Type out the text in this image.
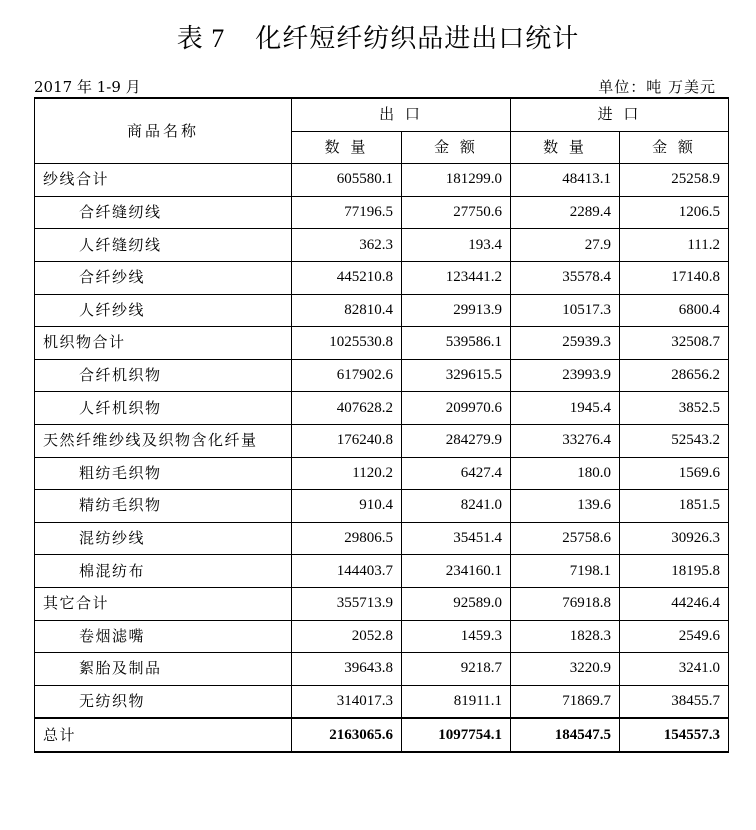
表 7 化纤短纤纺织品进出口统计
2017 年 1-9 月	单位：吨 万美元
商品名称	出 口		进 口	
	数 量	金 额	数 量	金 额
纱线合计	605580.1	181299.0	48413.1	25258.9
合纤缝纫线	77196.5	27750.6	2289.4	1206.5
人纤缝纫线	362.3	193.4	27.9	111.2
合纤纱线	445210.8	123441.2	35578.4	17140.8
人纤纱线	82810.4	29913.9	10517.3	6800.4
机织物合计	1025530.8	539586.1	25939.3	32508.7
合纤机织物	617902.6	329615.5	23993.9	28656.2
人纤机织物	407628.2	209970.6	1945.4	3852.5
天然纤维纱线及织物含化纤量	176240.8	284279.9	33276.4	52543.2
粗纺毛织物	1120.2	6427.4	180.0	1569.6
精纺毛织物	910.4	8241.0	139.6	1851.5
混纺纱线	29806.5	35451.4	25758.6	30926.3
棉混纺布	144403.7	234160.1	7198.1	18195.8
其它合计	355713.9	92589.0	76918.8	44246.4
卷烟滤嘴	2052.8	1459.3	1828.3	2549.6
絮胎及制品	39643.8	9218.7	3220.9	3241.0
无纺织物	314017.3	81911.1	71869.7	38455.7
总计	2163065.6	1097754.1	184547.5	154557.3
